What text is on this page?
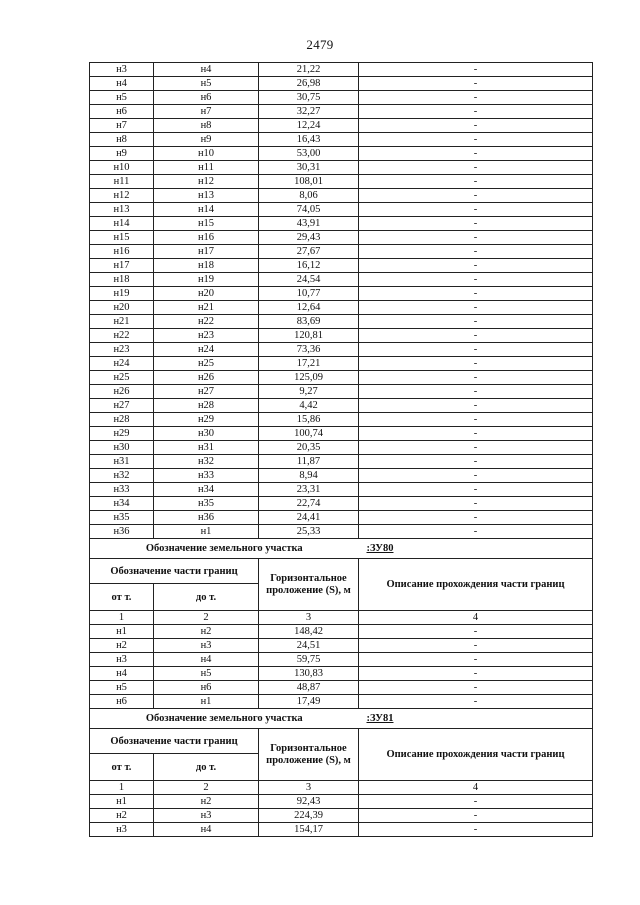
2479
н3	н4	21,22	-
н4	н5	26,98	-
н5	н6	30,75	-
н6	н7	32,27	-
н7	н8	12,24	-
н8	н9	16,43	-
н9	н10	53,00	-
н10	н11	30,31	-
н11	н12	108,01	-
н12	н13	8,06	-
н13	н14	74,05	-
н14	н15	43,91	-
н15	н16	29,43	-
н16	н17	27,67	-
н17	н18	16,12	-
н18	н19	24,54	-
н19	н20	10,77	-
н20	н21	12,64	-
н21	н22	83,69	-
н22	н23	120,81	-
н23	н24	73,36	-
н24	н25	17,21	-
н25	н26	125,09	-
н26	н27	9,27	-
н27	н28	4,42	-
н28	н29	15,86	-
н29	н30	100,74	-
н30	н31	20,35	-
н31	н32	11,87	-
н32	н33	8,94	-
н33	н34	23,31	-
н34	н35	22,74	-
н35	н36	24,41	-
н36	н1	25,33	-
Обозначение земельного участка			:ЗУ80
Обозначение части границ		Горизонтальное проложение (S), м	Описание прохождения части границ
от т.	до т.		
1	2	3	4
н1	н2	148,42	-
н2	н3	24,51	-
н3	н4	59,75	-
н4	н5	130,83	-
н5	н6	48,87	-
н6	н1	17,49	-
Обозначение земельного участка			:ЗУ81
Обозначение части границ		Горизонтальное проложение (S), м	Описание прохождения части границ
от т.	до т.		
1	2	3	4
н1	н2	92,43	-
н2	н3	224,39	-
н3	н4	154,17	-
